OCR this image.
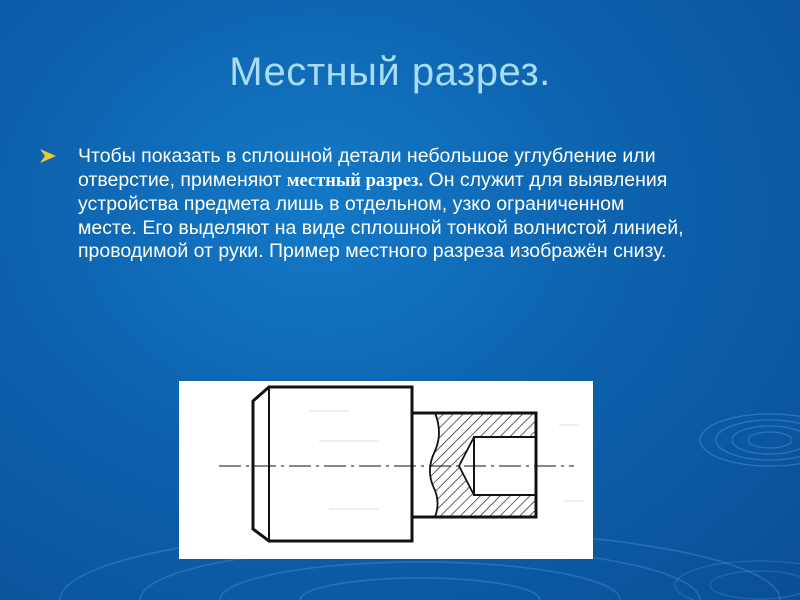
Местный разрез.
Чтобы показать в сплошной детали небольшое углубление или отверстие, применяют местный разрез. Он служит для выявления устройства предмета лишь в отдельном, узко ограниченном месте. Его выделяют на виде сплошной тонкой волнистой линией, проводимой от руки. Пример местного разреза изображён снизу.
